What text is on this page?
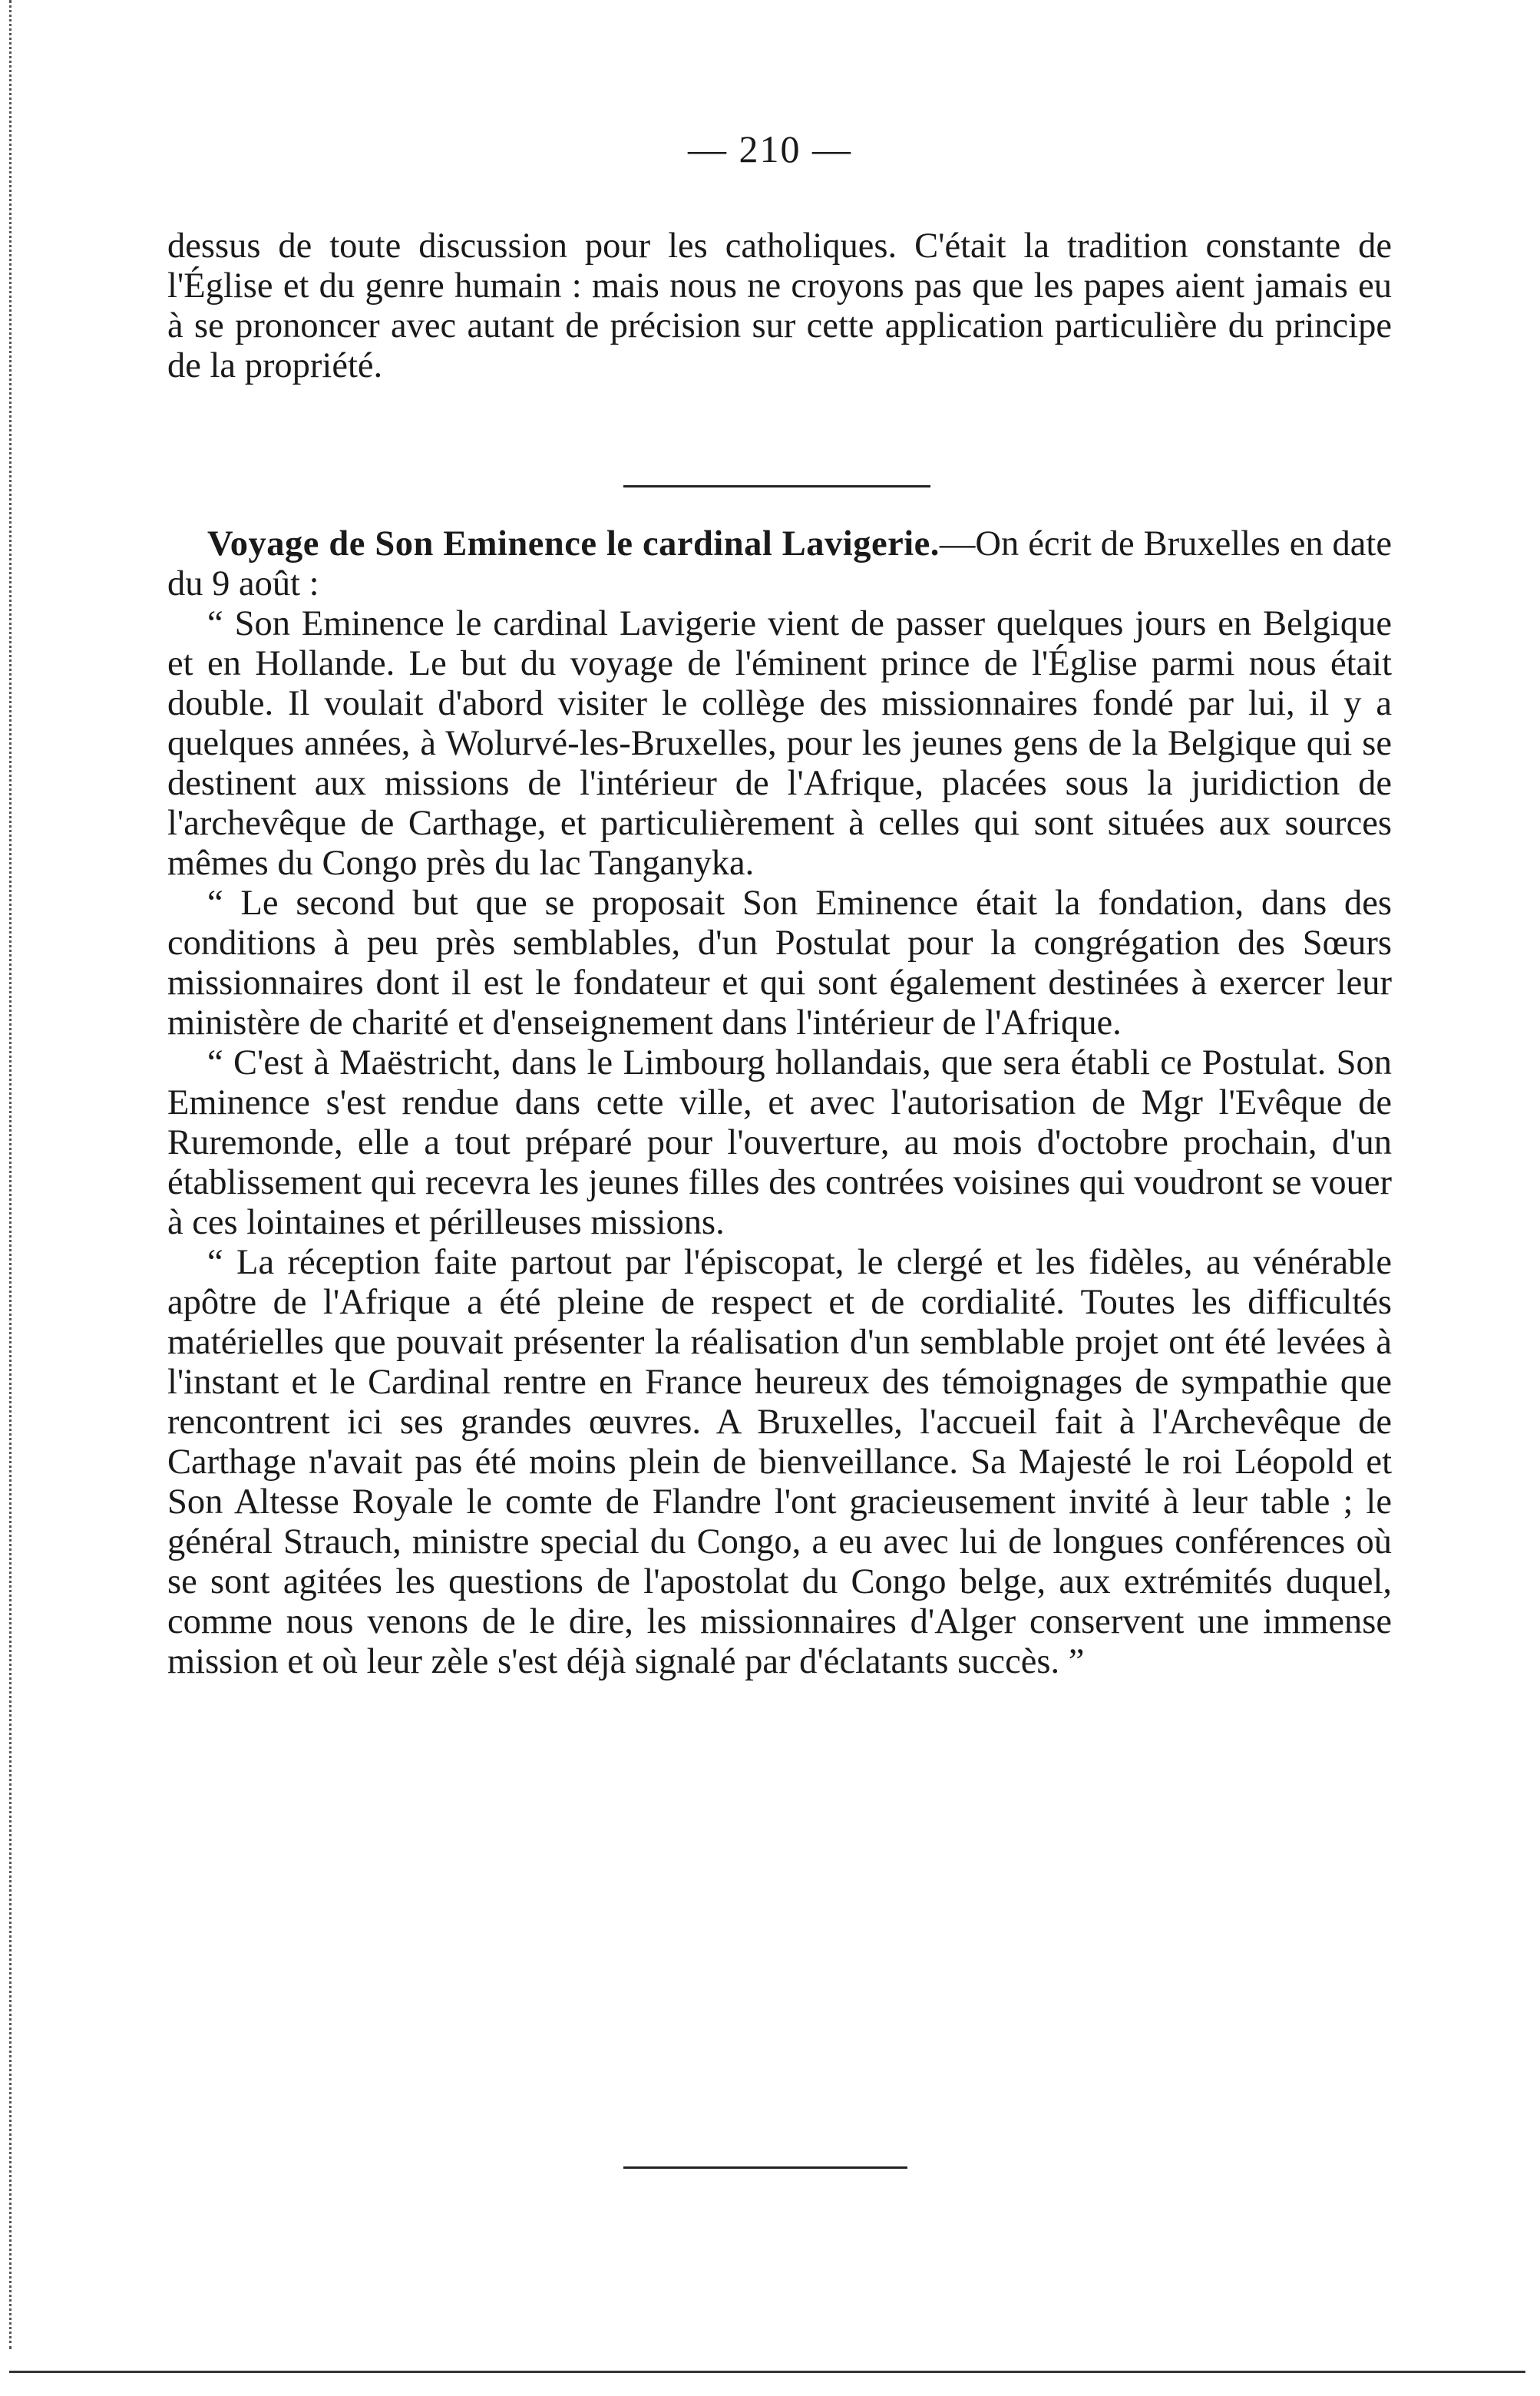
— 210 —

dessus de toute discussion pour les catholiques. C'était la tradition constante de l'Église et du genre humain : mais nous ne croyons pas que les papes aient jamais eu à se prononcer avec autant de précision sur cette application particulière du principe de la propriété.

Voyage de Son Eminence le cardinal Lavigerie.—On écrit de Bruxelles en date du 9 août :

“ Son Eminence le cardinal Lavigerie vient de passer quelques jours en Belgique et en Hollande. Le but du voyage de l'éminent prince de l'Église parmi nous était double. Il voulait d'abord visiter le collège des missionnaires fondé par lui, il y a quelques années, à Wolurvé-les-Bruxelles, pour les jeunes gens de la Belgique qui se destinent aux missions de l'intérieur de l'Afrique, placées sous la juridiction de l'archevêque de Carthage, et particulièrement à celles qui sont situées aux sources mêmes du Congo près du lac Tanganyka.

“ Le second but que se proposait Son Eminence était la fondation, dans des conditions à peu près semblables, d'un Postulat pour la congrégation des Sœurs missionnaires dont il est le fondateur et qui sont également destinées à exercer leur ministère de charité et d'enseignement dans l'intérieur de l'Afrique.

“ C'est à Maëstricht, dans le Limbourg hollandais, que sera établi ce Postulat. Son Eminence s'est rendue dans cette ville, et avec l'autorisation de Mgr l'Evêque de Ruremonde, elle a tout préparé pour l'ouverture, au mois d'octobre prochain, d'un établissement qui recevra les jeunes filles des contrées voisines qui voudront se vouer à ces lointaines et périlleuses missions.

“ La réception faite partout par l'épiscopat, le clergé et les fidèles, au vénérable apôtre de l'Afrique a été pleine de respect et de cordialité. Toutes les difficultés matérielles que pouvait présenter la réalisation d'un semblable projet ont été levées à l'instant et le Cardinal rentre en France heureux des témoignages de sympathie que rencontrent ici ses grandes œuvres. A Bruxelles, l'accueil fait à l'Archevêque de Carthage n'avait pas été moins plein de bienveillance. Sa Majesté le roi Léopold et Son Altesse Royale le comte de Flandre l'ont gracieusement invité à leur table ; le général Strauch, ministre special du Congo, a eu avec lui de longues conférences où se sont agitées les questions de l'apostolat du Congo belge, aux extrémités duquel, comme nous venons de le dire, les missionnaires d'Alger conservent une immense mission et où leur zèle s'est déjà signalé par d'éclatants succès. ”
